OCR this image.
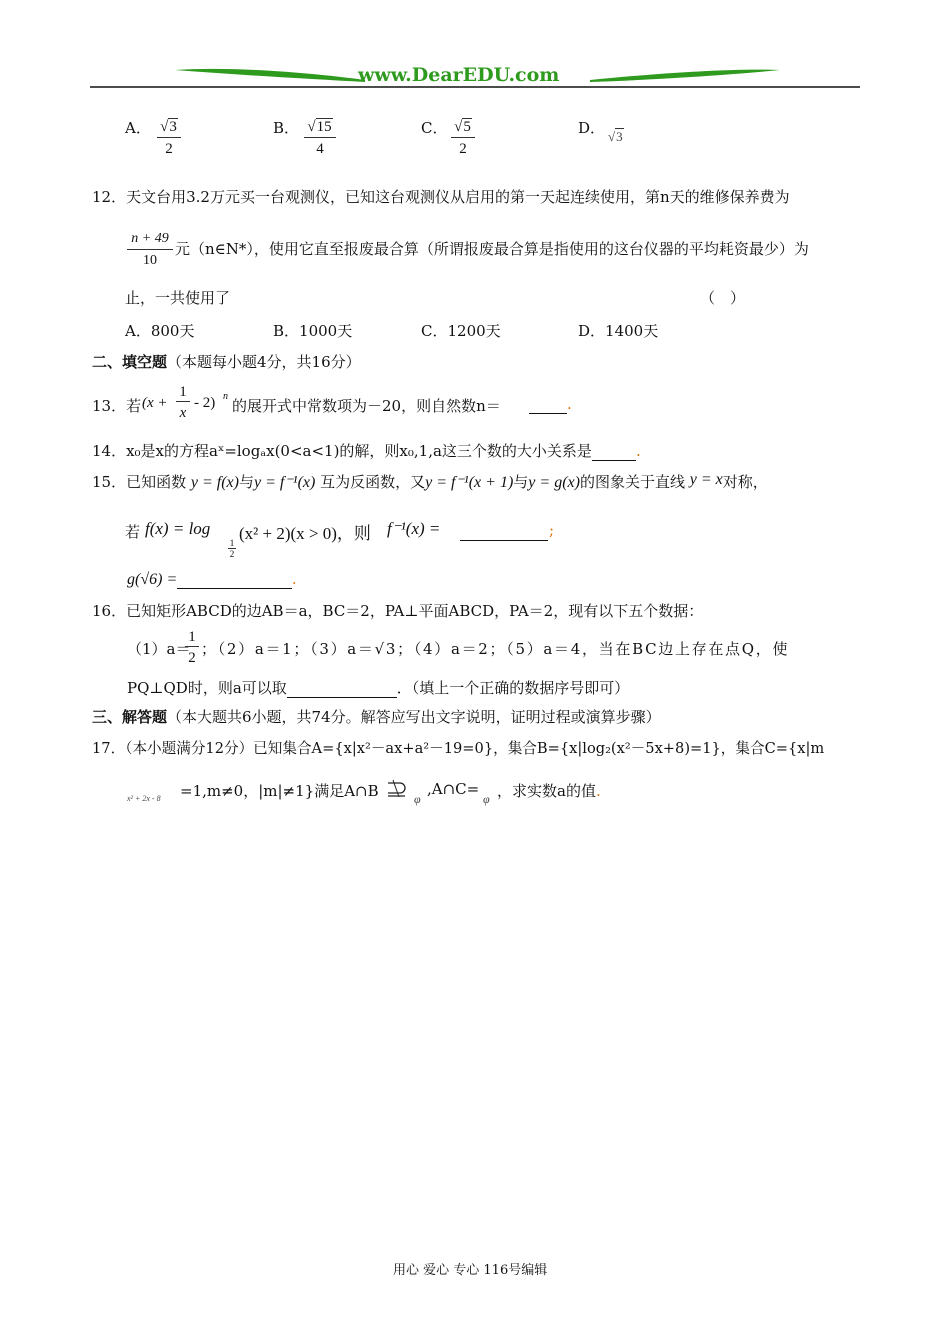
www.DearEDU.com
A． √3
2
B． √15
4
C． √5
2
D． √3
12．天文台用3.2万元买一台观测仪，已知这台观测仪从启用的第一天起连续使用，第n天的维修保养费为
n + 49
10
元（n∈N*），使用它直至报废最合算（所谓报废最合算是指使用的这台仪器的平均耗资最少）为
止，一共使用了	（　）
A．800天	B．1000天	C．1200天	D．1400天
二、填空题（本题每小题4分，共16分）
13．若 (x +
1
x
- 2) n
的展开式中常数项为－20，则自然数n＝	.
14．x₀是x的方程aˣ=logₐx(0<a<1)的解，则x₀,1,a这三个数的大小关系是	.
15．已知函数 y = f(x)与y = f⁻¹(x) 互为反函数，又y = f⁻¹(x + 1)与y = g(x)的图象关于直线 y = x对称，
若 f(x) = log
1
2
(x² + 2)(x > 0)，则 f⁻¹(x) =	;
g(√6) =	.
16．已知矩形ABCD的边AB＝a，BC＝2，PA⊥平面ABCD，PA＝2，现有以下五个数据：
（1）a＝
1
2 ；（2）a＝1；（3）a＝√3；（4）a＝2；（5）a＝4，当在BC边上存在点Q，使
PQ⊥QD时，则a可以取	．（填上一个正确的数据序号即可）
三、解答题（本大题共6小题，共74分。解答应写出文字说明，证明过程或演算步骤）
17．（本小题满分12分）已知集合A={x|x²－ax+a²－19=0}，集合B={x|log₂(x²－5x+8)=1}，集合C={x|m
x² + 2x - 8 =1,m≠0，|m|≠1}满足A∩B	φ
,A∩C=
φ ，求实数a的值.
用心 爱心 专心 116号编辑
